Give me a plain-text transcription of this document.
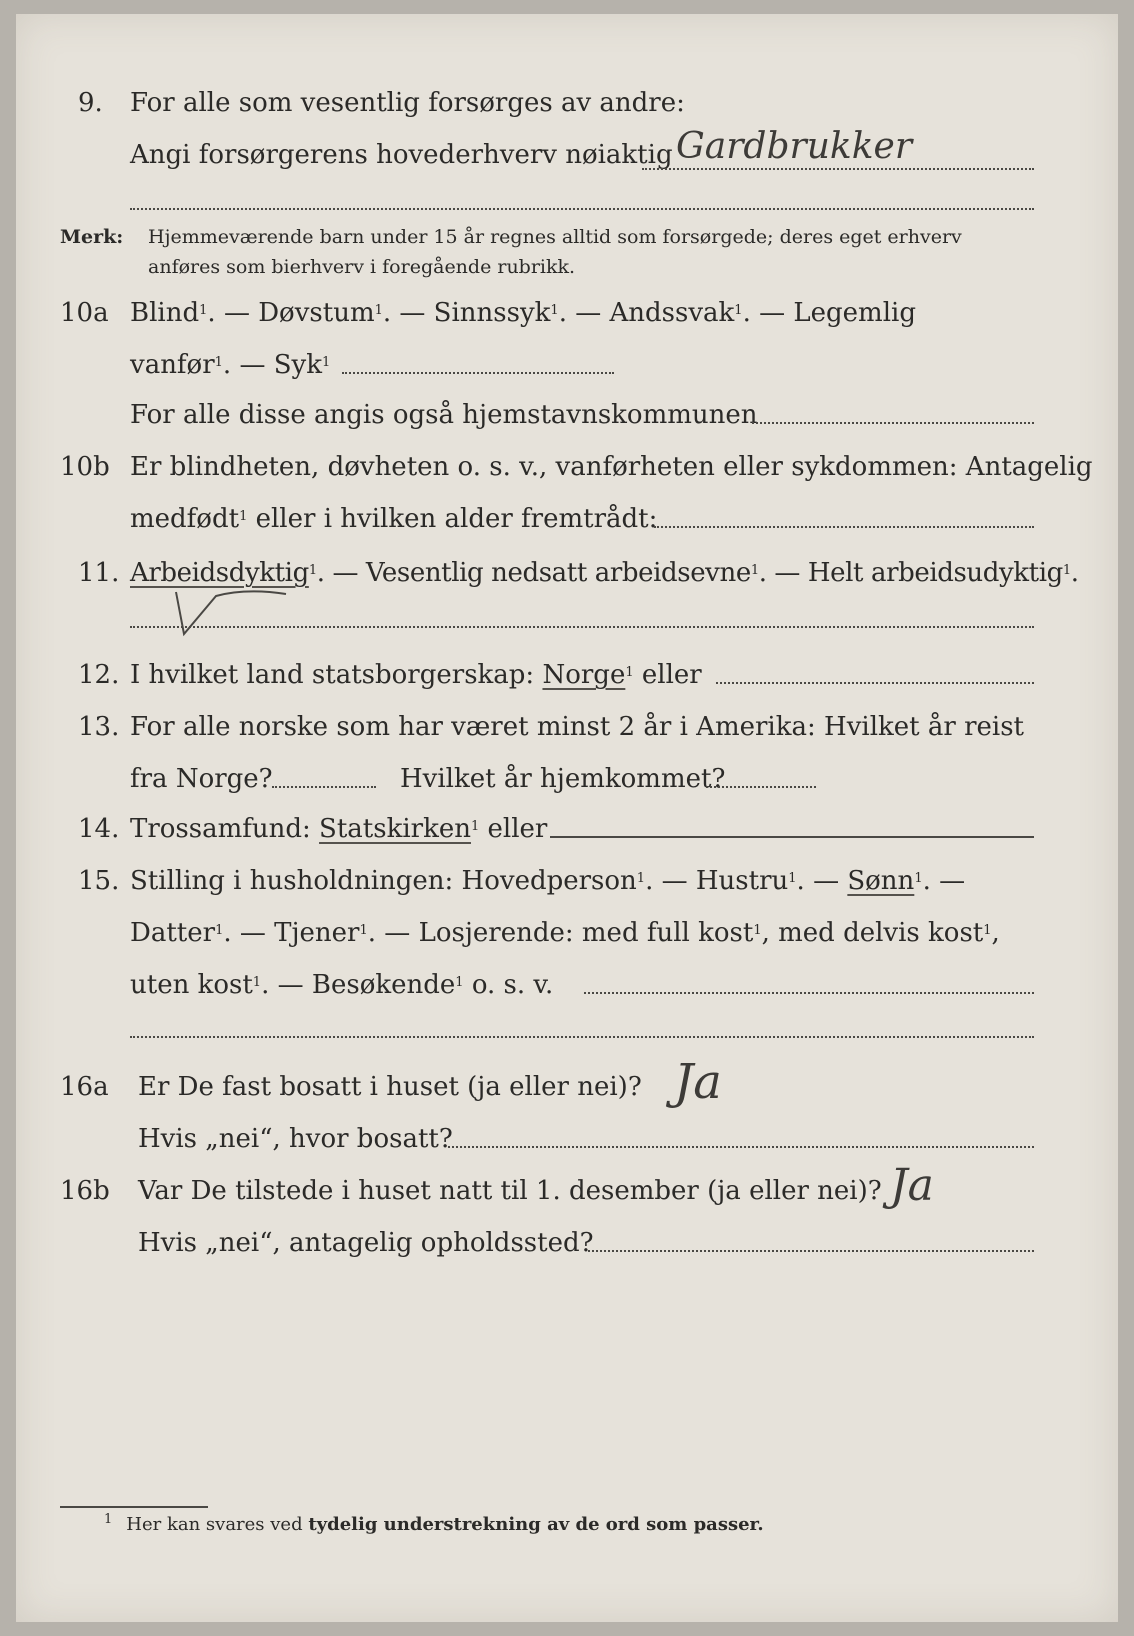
9. For alle som vesentlig forsørges av andre:
Angi forsørgerens hovederhverv nøiaktig Gardbrukker
Merk: Hjemmeværende barn under 15 år regnes alltid som forsørgede; deres eget erhverv
anføres som bierhverv i foregående rubrikk.
10a Blind$^1$. — Døvstum$^1$. — Sinnssyk$^1$. — Andssvak$^1$. — Legemlig
vanfør$^1$. — Syk$^1$
For alle disse angis også hjemstavnskommunen
10b Er blindheten, døvheten o. s. v., vanførheten eller sykdommen: Antagelig
medfødt$^1$ eller i hvilken alder fremtrådt:
11. Arbeidsdyktig$^1$. — Vesentlig nedsatt arbeidsevne$^1$. — Helt arbeidsudyktig$^1$.
12. I hvilket land statsborgerskap: Norge$^1$ eller
13. For alle norske som har været minst 2 år i Amerika: Hvilket år reist
fra Norge?	Hvilket år hjemkommet?
14. Trossamfund: Statskirken$^1$ eller
15. Stilling i husholdningen: Hovedperson$^1$. — Hustru$^1$. — Sønn$^1$. —
Datter$^1$. — Tjener$^1$. — Losjerende: med full kost$^1$, med delvis kost$^1$,
uten kost$^1$. — Besøkende$^1$ o. s. v.
16a Er De fast bosatt i huset (ja eller nei)? Ja
Hvis „nei“, hvor bosatt?
16b Var De tilstede i huset natt til 1. desember (ja eller nei)? Ja
Hvis „nei“, antagelig opholdssted?
$^1$ Her kan svares ved tydelig understrekning av de ord som passer.
